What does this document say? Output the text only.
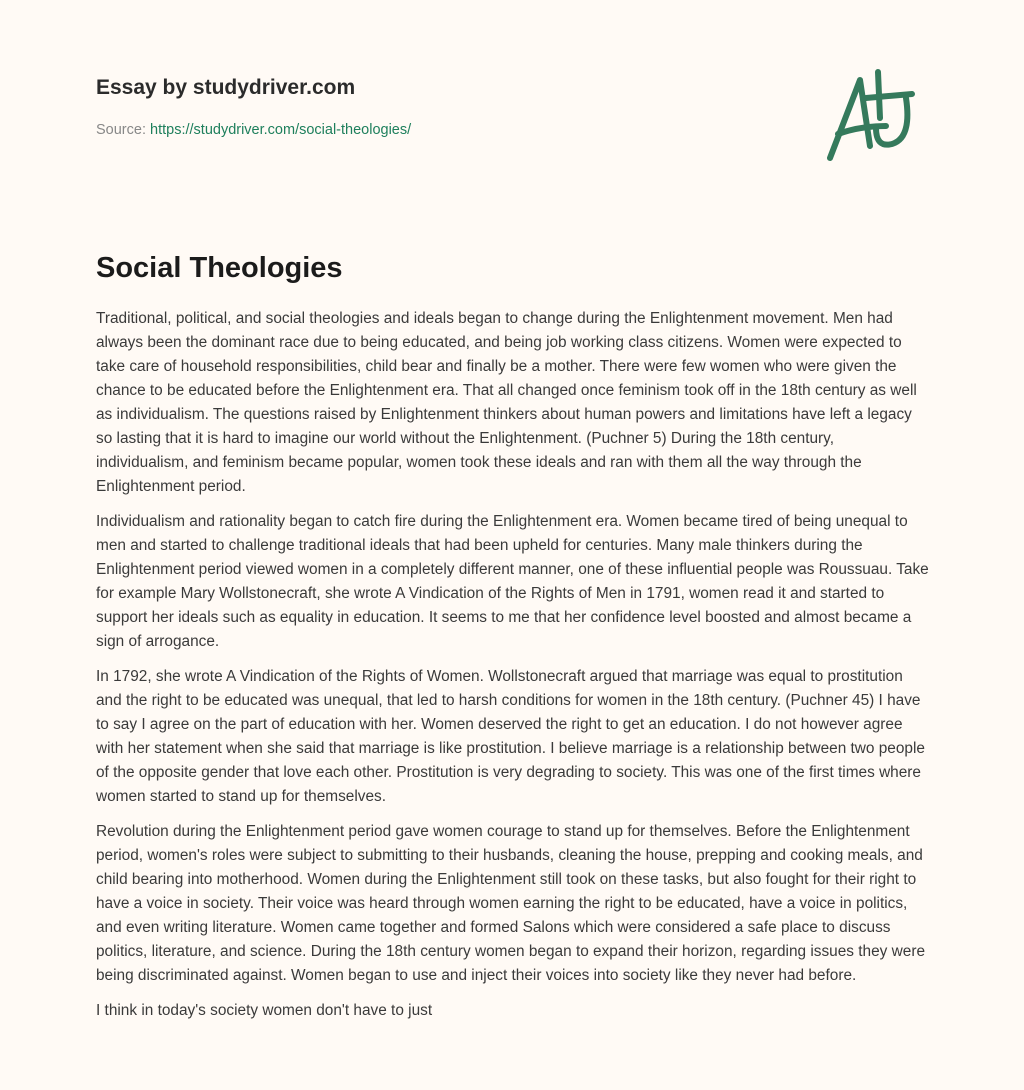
Essay by studydriver.com
Source: https://studydriver.com/social-theologies/
Social Theologies

Traditional, political, and social theologies and ideals began to change during the Enlightenment movement. Men had always been the dominant race due to being educated, and being job working class citizens. Women were expected to take care of household responsibilities, child bear and finally be a mother. There were few women who were given the chance to be educated before the Enlightenment era. That all changed once feminism took off in the 18th century as well as individualism. The questions raised by Enlightenment thinkers about human powers and limitations have left a legacy so lasting that it is hard to imagine our world without the Enlightenment. (Puchner 5) During the 18th century, individualism, and feminism became popular, women took these ideals and ran with them all the way through the Enlightenment period.

Individualism and rationality began to catch fire during the Enlightenment era. Women became tired of being unequal to men and started to challenge traditional ideals that had been upheld for centuries. Many male thinkers during the Enlightenment period viewed women in a completely different manner, one of these influential people was Roussuau. Take for example Mary Wollstonecraft, she wrote A Vindication of the Rights of Men in 1791, women read it and started to support her ideals such as equality in education. It seems to me that her confidence level boosted and almost became a sign of arrogance.

In 1792, she wrote A Vindication of the Rights of Women. Wollstonecraft argued that marriage was equal to prostitution and the right to be educated was unequal, that led to harsh conditions for women in the 18th century. (Puchner 45) I have to say I agree on the part of education with her. Women deserved the right to get an education. I do not however agree with her statement when she said that marriage is like prostitution. I believe marriage is a relationship between two people of the opposite gender that love each other. Prostitution is very degrading to society. This was one of the first times where women started to stand up for themselves.

Revolution during the Enlightenment period gave women courage to stand up for themselves. Before the Enlightenment period, women's roles were subject to submitting to their husbands, cleaning the house, prepping and cooking meals, and child bearing into motherhood. Women during the Enlightenment still took on these tasks, but also fought for their right to have a voice in society. Their voice was heard through women earning the right to be educated, have a voice in politics, and even writing literature. Women came together and formed Salons which were considered a safe place to discuss politics, literature, and science. During the 18th century women began to expand their horizon, regarding issues they were being discriminated against. Women began to use and inject their voices into society like they never had before.

I think in today's society women don't have to just
